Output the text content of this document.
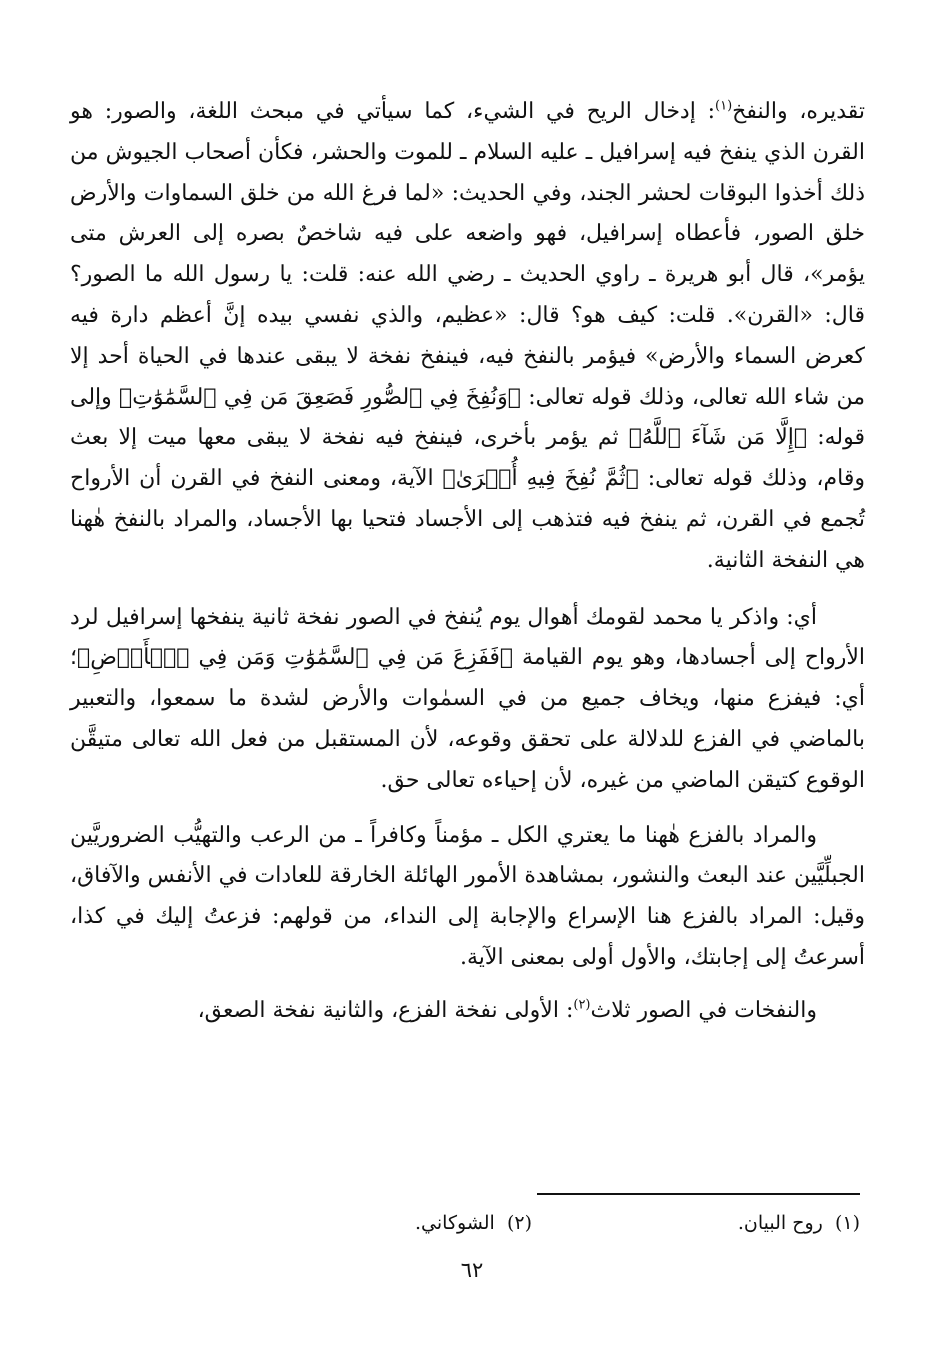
تقديره، والنفخ$^{(١)}$: إدخال الريح في الشيء، كما سيأتي في مبحث اللغة، والصور: هو القرن الذي ينفخ فيه إسرافيل ـ عليه السلام ـ للموت والحشر، فكأن أصحاب الجيوش من ذلك أخذوا البوقات لحشر الجند، وفي الحديث: «لما فرغ الله من خلق السماوات والأرض خلق الصور، فأعطاه إسرافيل، فهو واضعه على فيه شاخصٌ بصره إلى العرش متى يؤمر»، قال أبو هريرة ـ راوي الحديث ـ رضي الله عنه: قلت: يا رسول الله ما الصور؟ قال: «القرن». قلت: كيف هو؟ قال: «عظيم، والذي نفسي بيده إنَّ أعظم دارة فيه كعرض السماء والأرض» فيؤمر بالنفخ فيه، فينفخ نفخة لا يبقى عندها في الحياة أحد إلا من شاء الله تعالى، وذلك قوله تعالى: ﴿وَنُفِخَ فِي ٱلصُّورِ فَصَعِقَ مَن فِي ٱلسَّمَٰوَٰتِ﴾ وإلى قوله: ﴿إِلَّا مَن شَآءَ ٱللَّهُ﴾ ثم يؤمر بأخرى، فينفخ فيه نفخة لا يبقى معها ميت إلا بعث وقام، وذلك قوله تعالى: ﴿ثُمَّ نُفِخَ فِيهِ أُخۡرَىٰ﴾ الآية، ومعنى النفخ في القرن أن الأرواح تُجمع في القرن، ثم ينفخ فيه فتذهب إلى الأجساد فتحيا بها الأجساد، والمراد بالنفخ هٰهنا هي النفخة الثانية.

أي: واذكر يا محمد لقومك أهوال يوم يُنفخ في الصور نفخة ثانية ينفخها إسرافيل لرد الأرواح إلى أجسادها، وهو يوم القيامة ﴿فَفَزِعَ مَن فِي ٱلسَّمَٰوَٰتِ وَمَن فِي ٱلۡأَرۡضِ﴾؛ أي: فيفزع منها، ويخاف جميع من في السمٰوات والأرض لشدة ما سمعوا، والتعبير بالماضي في الفزع للدلالة على تحقق وقوعه، لأن المستقبل من فعل الله تعالى متيقَّن الوقوع كتيقن الماضي من غيره، لأن إحياءه تعالى حق.

والمراد بالفزع هٰهنا ما يعتري الكل ـ مؤمناً وكافراً ـ من الرعب والتهيُّب الضروريَّين الجبلِّيَّين عند البعث والنشور، بمشاهدة الأمور الهائلة الخارقة للعادات في الأنفس والآفاق، وقيل: المراد بالفزع هنا الإسراع والإجابة إلى النداء، من قولهم: فزعتُ إليك في كذا، أسرعتُ إلى إجابتك، والأول أولى بمعنى الآية.

والنفخات في الصور ثلاث$^{(٢)}$: الأولى نفخة الفزع، والثانية نفخة الصعق،

(١)  روح البيان.
(٢)  الشوكاني.
٦٢
